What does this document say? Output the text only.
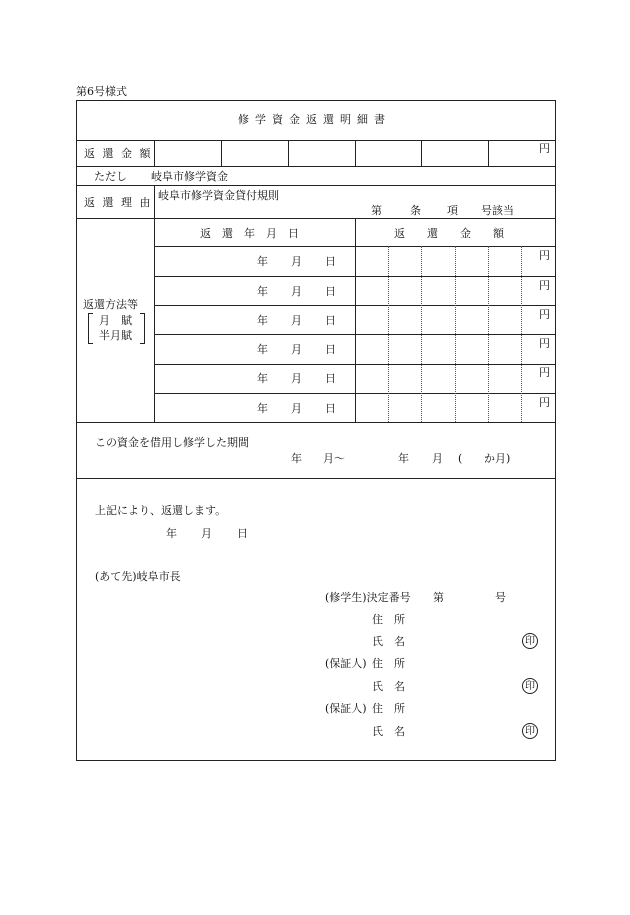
第6号様式
修学資金返還明細書
返 還 金 額	円
ただし 岐阜市修学資金
返 還 理 由
岐阜市修学資金貸付規則
第	条 項 号該当
返還方法等
月　賦
半月賦
返　還　年　月　日	返　　還　　金　　額
年 月 日	円
年 月 日	円
年 月 日	円
年 月 日	円
年 月 日	円
年 月 日	円
この資金を借用し修学した期間
年 月〜	年 月 ( か月)
上記により、返還します。
年 月 日
(あて先)岐阜市長
(修学生)決定番号 第	号
住　所
氏　名	印
(保証人) 住　所
氏　名	印
(保証人) 住　所
氏　名	印
